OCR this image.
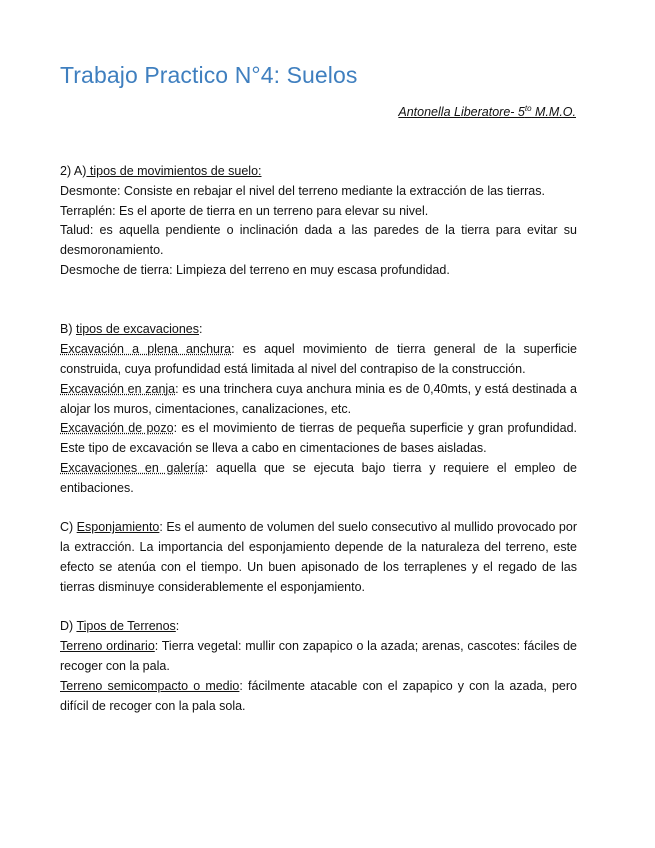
Trabajo Practico N°4: Suelos
Antonella Liberatore- $5^{to}$ M.M.O.

2) A) tipos de movimientos de suelo:

Desmonte: Consiste en rebajar el nivel del terreno mediante la extracción de las tierras.

Terraplén: Es el aporte de tierra en un terreno para elevar su nivel.

Talud: es aquella pendiente o inclinación dada a las paredes de la tierra para evitar su desmoronamiento.

Desmoche de tierra: Limpieza del terreno en muy escasa profundidad.

B) tipos de excavaciones:

Excavación a plena anchura: es aquel movimiento de tierra general de la superficie construida, cuya profundidad está limitada al nivel del contrapiso de la construcción.

Excavación en zanja: es una trinchera cuya anchura minia es de 0,40mts, y está destinada a alojar los muros, cimentaciones, canalizaciones, etc.

Excavación de pozo: es el movimiento de tierras de pequeña superficie y gran profundidad. Este tipo de excavación se lleva a cabo en cimentaciones de bases aisladas.

Excavaciones en galería: aquella que se ejecuta bajo tierra y requiere el empleo de entibaciones.

C) Esponjamiento: Es el aumento de volumen del suelo consecutivo al mullido provocado por la extracción. La importancia del esponjamiento depende de la naturaleza del terreno, este efecto se atenúa con el tiempo. Un buen apisonado de los terraplenes y el regado de las tierras disminuye considerablemente el esponjamiento.

D) Tipos de Terrenos:

Terreno ordinario: Tierra vegetal: mullir con zapapico o la azada; arenas, cascotes: fáciles de recoger con la pala.

Terreno semicompacto o medio: fácilmente atacable con el zapapico y con la azada, pero difícil de recoger con la pala sola.
